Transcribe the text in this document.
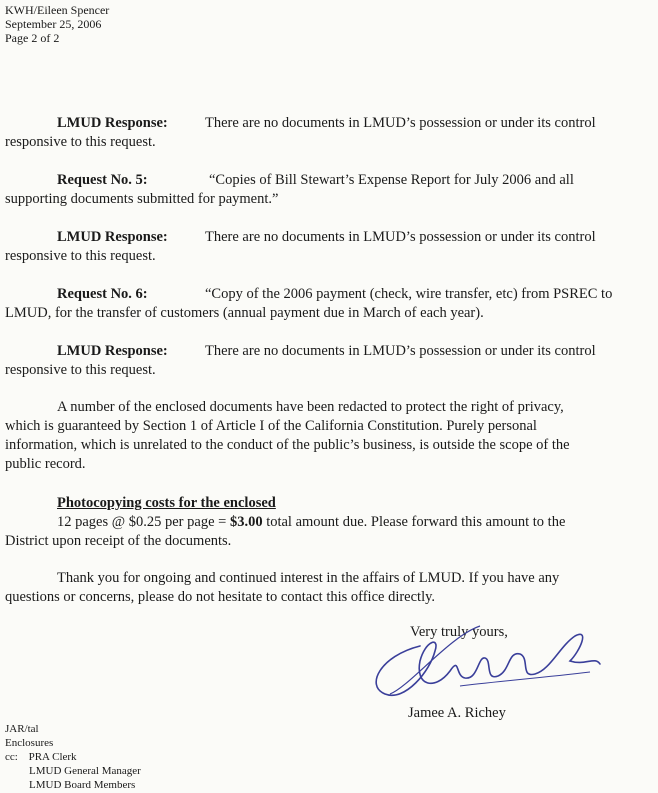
KWH/Eileen Spencer
September 25, 2006
Page 2 of 2
LMUD Response:	There are no documents in LMUD’s possession or under its control
responsive to this request.
Request No. 5:	“Copies of Bill Stewart’s Expense Report for July 2006 and all
supporting documents submitted for payment.”
LMUD Response:	There are no documents in LMUD’s possession or under its control
responsive to this request.
Request No. 6:	“Copy of the 2006 payment (check, wire transfer, etc) from PSREC to
LMUD, for the transfer of customers (annual payment due in March of each year).
LMUD Response:	There are no documents in LMUD’s possession or under its control
responsive to this request.
A number of the enclosed documents have been redacted to protect the right of privacy,
which is guaranteed by Section 1 of Article I of the California Constitution. Purely personal
information, which is unrelated to the conduct of the public’s business, is outside the scope of the
public record.
Photocopying costs for the enclosed
12 pages @ $0.25 per page = $3.00 total amount due. Please forward this amount to the
District upon receipt of the documents.
Thank you for ongoing and continued interest in the affairs of LMUD. If you have any
questions or concerns, please do not hesitate to contact this office directly.
Very truly yours,
Jamee A. Richey
JAR/tal
Enclosures
cc: PRA Clerk
LMUD General Manager
LMUD Board Members
